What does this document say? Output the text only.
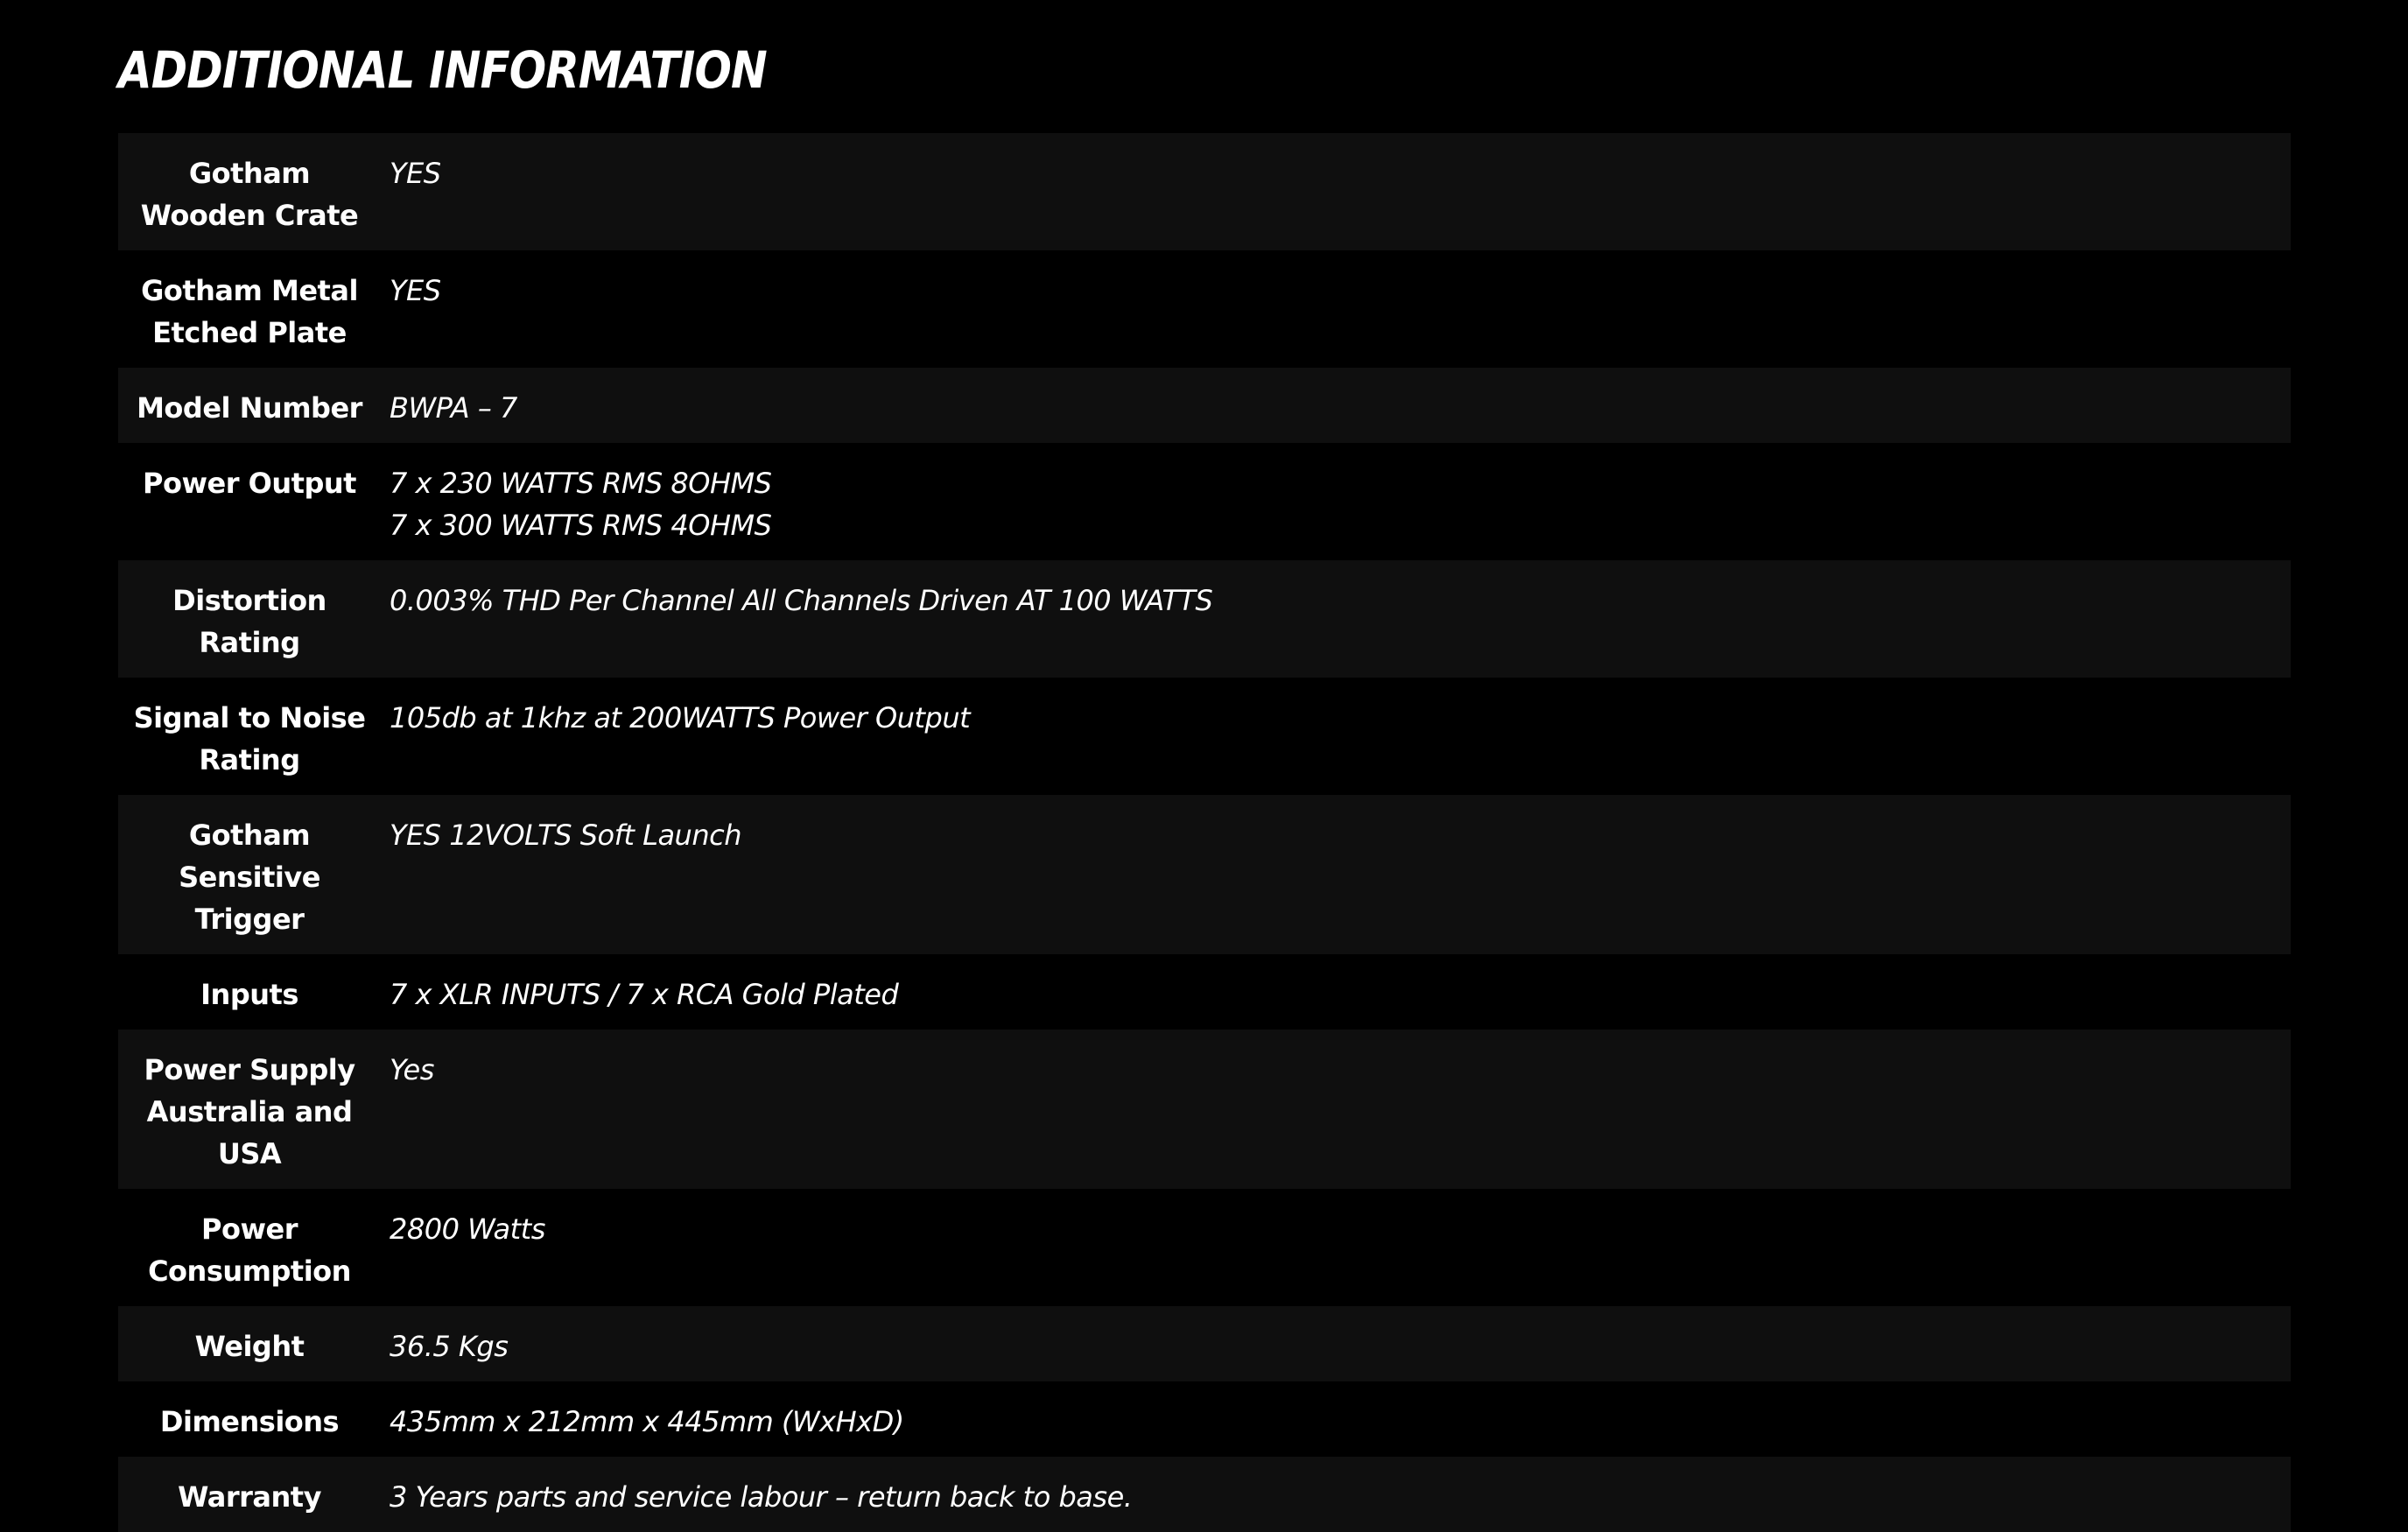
ADDITIONAL INFORMATION
Gotham Wooden Crate	YES

Gotham Metal Etched Plate	YES

Model Number	BWPA – 7

Power Output	7 x 230 WATTS RMS 8OHMS
7 x 300 WATTS RMS 4OHMS

Distortion Rating	0.003% THD Per Channel All Channels Driven AT 100 WATTS

Signal to Noise Rating	105db at 1khz at 200WATTS Power Output

Gotham Sensitive Trigger	YES 12VOLTS Soft Launch

Inputs	7 x XLR INPUTS / 7 x RCA Gold Plated

Power Supply Australia and USA	Yes

Power Consumption	2800 Watts

Weight	36.5 Kgs

Dimensions	435mm x 212mm x 445mm (WxHxD)

Warranty	3 Years parts and service labour – return back to base.
